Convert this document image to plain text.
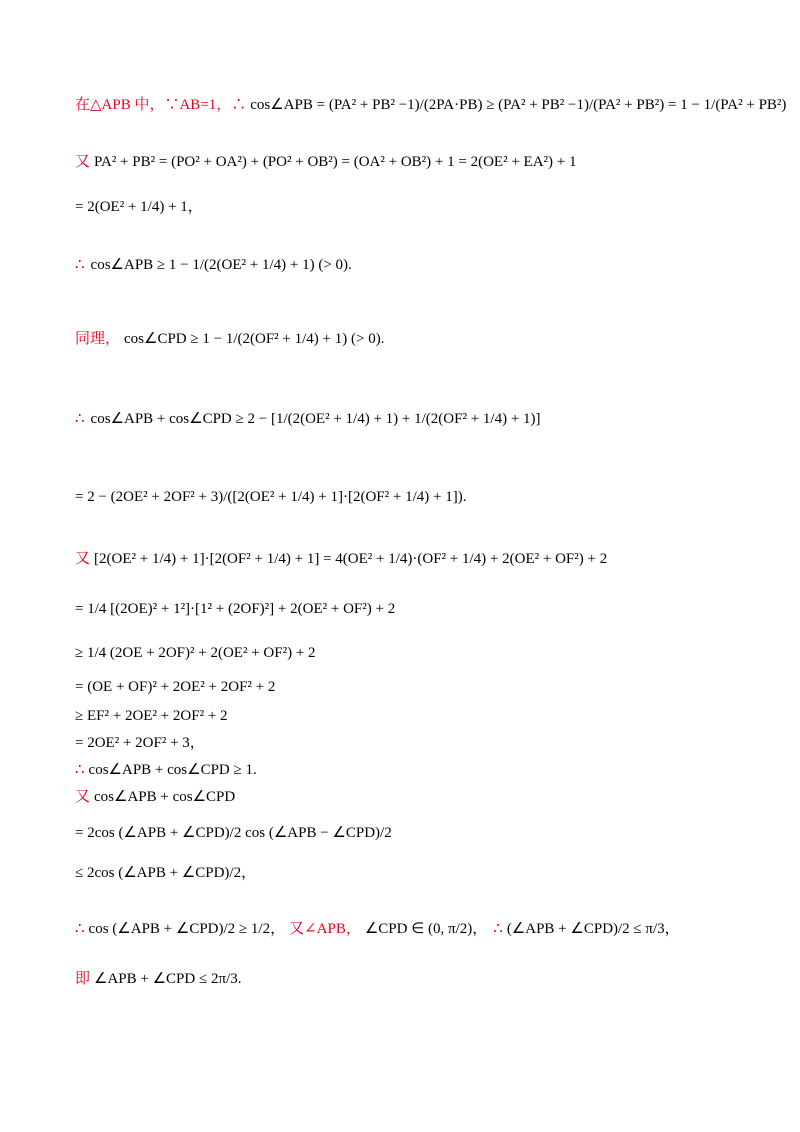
在△APB 中，∵AB=1，∴ cos∠APB = (PA² + PB² −1)/(2PA·PB) ≥ (PA² + PB² −1)/(PA² + PB²) = 1 − 1/(PA² + PB²)
又 PA² + PB² = (PO² + OA²) + (PO² + OB²) = (OA² + OB²) + 1 = 2(OE² + EA²) + 1
= 2(OE² + 1/4) + 1，
∴ cos∠APB ≥ 1 − 1/(2(OE² + 1/4) + 1) (> 0).
同理， cos∠CPD ≥ 1 − 1/(2(OF² + 1/4) + 1) (> 0).
∴ cos∠APB + cos∠CPD ≥ 2 − [1/(2(OE² + 1/4) + 1) + 1/(2(OF² + 1/4) + 1)]
= 2 − (2OE² + 2OF² + 3)/([2(OE² + 1/4) + 1]·[2(OF² + 1/4) + 1]).
又 [2(OE² + 1/4) + 1]·[2(OF² + 1/4) + 1] = 4(OE² + 1/4)·(OF² + 1/4) + 2(OE² + OF²) + 2
= 1/4 [(2OE)² + 1²]·[1² + (2OF)²] + 2(OE² + OF²) + 2
≥ 1/4 (2OE + 2OF)² + 2(OE² + OF²) + 2
= (OE + OF)² + 2OE² + 2OF² + 2
≥ EF² + 2OE² + 2OF² + 2
= 2OE² + 2OF² + 3，
∴ cos∠APB + cos∠CPD ≥ 1.
又 cos∠APB + cos∠CPD
= 2cos (∠APB + ∠CPD)/2 cos (∠APB − ∠CPD)/2
≤ 2cos (∠APB + ∠CPD)/2，
∴ cos (∠APB + ∠CPD)/2 ≥ 1/2， 又∠APB， ∠CPD ∈ (0, π/2)， ∴ (∠APB + ∠CPD)/2 ≤ π/3，
即 ∠APB + ∠CPD ≤ 2π/3.
